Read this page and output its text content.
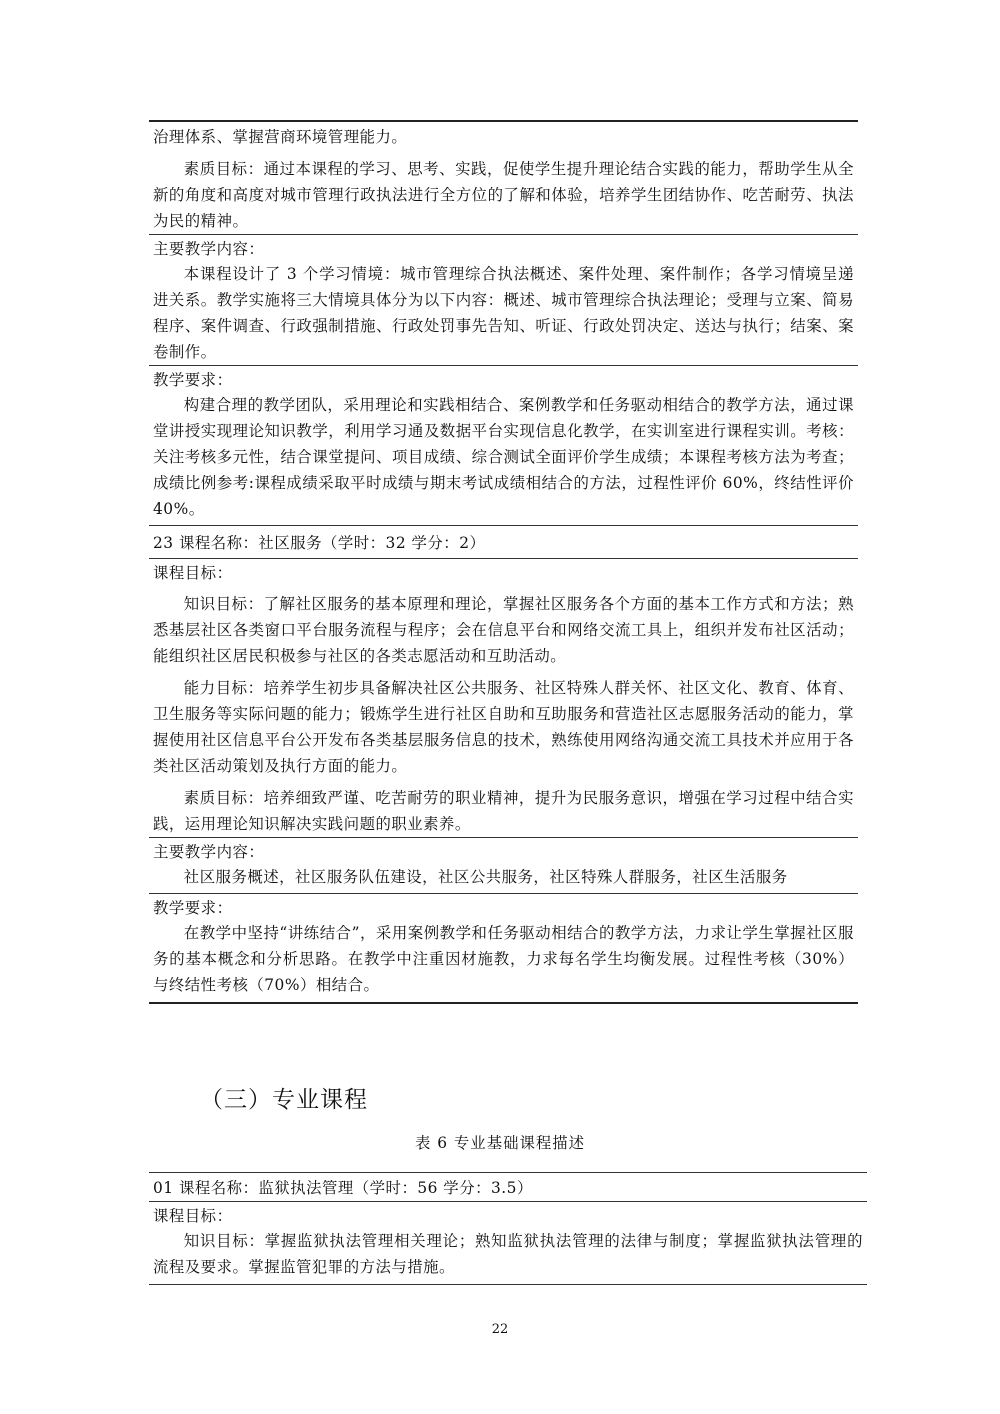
治理体系、掌握营商环境管理能力。

素质目标：通过本课程的学习、思考、实践，促使学生提升理论结合实践的能力，帮助学生从全新的角度和高度对城市管理行政执法进行全方位的了解和体验，培养学生团结协作、吃苦耐劳、执法为民的精神。

主要教学内容：

本课程设计了 3 个学习情境：城市管理综合执法概述、案件处理、案件制作；各学习情境呈递进关系。教学实施将三大情境具体分为以下内容：概述、城市管理综合执法理论；受理与立案、简易程序、案件调查、行政强制措施、行政处罚事先告知、听证、行政处罚决定、送达与执行；结案、案卷制作。

教学要求：

构建合理的教学团队，采用理论和实践相结合、案例教学和任务驱动相结合的教学方法，通过课堂讲授实现理论知识教学，利用学习通及数据平台实现信息化教学，在实训室进行课程实训。考核：关注考核多元性，结合课堂提问、项目成绩、综合测试全面评价学生成绩；本课程考核方法为考查；成绩比例参考:课程成绩采取平时成绩与期末考试成绩相结合的方法，过程性评价 60%，终结性评价 40%。

23 课程名称：社区服务（学时：32 学分：2）
课程目标：

知识目标：了解社区服务的基本原理和理论，掌握社区服务各个方面的基本工作方式和方法；熟悉基层社区各类窗口平台服务流程与程序；会在信息平台和网络交流工具上，组织并发布社区活动；能组织社区居民积极参与社区的各类志愿活动和互助活动。

能力目标：培养学生初步具备解决社区公共服务、社区特殊人群关怀、社区文化、教育、体育、卫生服务等实际问题的能力；锻炼学生进行社区自助和互助服务和营造社区志愿服务活动的能力，掌握使用社区信息平台公开发布各类基层服务信息的技术，熟练使用网络沟通交流工具技术并应用于各类社区活动策划及执行方面的能力。

素质目标：培养细致严谨、吃苦耐劳的职业精神，提升为民服务意识，增强在学习过程中结合实践，运用理论知识解决实践问题的职业素养。

主要教学内容：

社区服务概述，社区服务队伍建设，社区公共服务，社区特殊人群服务，社区生活服务

教学要求：

在教学中坚持“讲练结合”，采用案例教学和任务驱动相结合的教学方法，力求让学生掌握社区服务的基本概念和分析思路。在教学中注重因材施教，力求每名学生均衡发展。过程性考核（30%）与终结性考核（70%）相结合。

（三）专业课程
表 6 专业基础课程描述
01 课程名称：监狱执法管理（学时：56 学分：3.5）
课程目标：

知识目标：掌握监狱执法管理相关理论；熟知监狱执法管理的法律与制度；掌握监狱执法管理的流程及要求。掌握监管犯罪的方法与措施。

22
